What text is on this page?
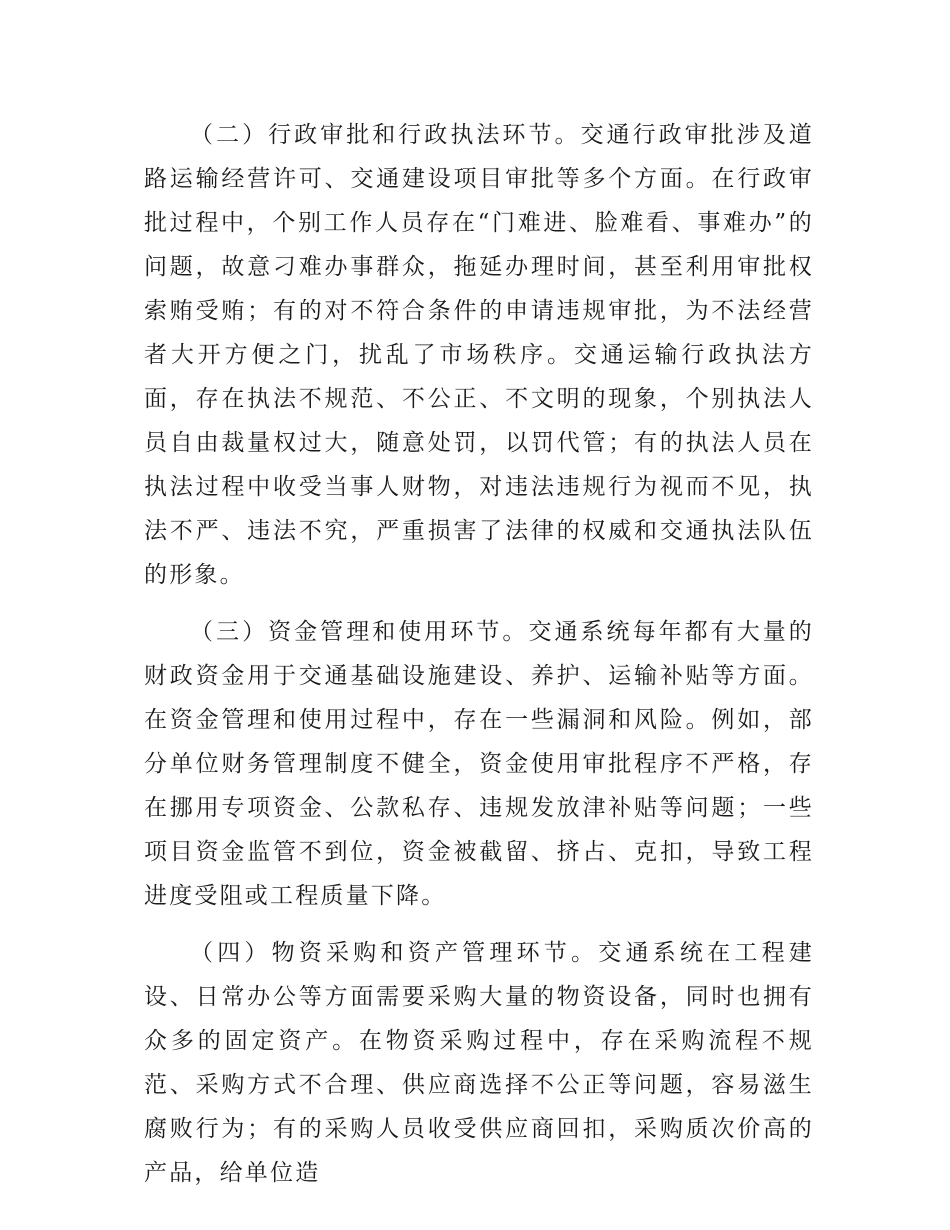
（二）行政审批和行政执法环节。交通行政审批涉及道路运输经营许可、交通建设项目审批等多个方面。在行政审批过程中，个别工作人员存在“门难进、脸难看、事难办”的问题，故意刁难办事群众，拖延办理时间，甚至利用审批权索贿受贿；有的对不符合条件的申请违规审批，为不法经营者大开方便之门，扰乱了市场秩序。交通运输行政执法方面，存在执法不规范、不公正、不文明的现象，个别执法人员自由裁量权过大，随意处罚，以罚代管；有的执法人员在执法过程中收受当事人财物，对违法违规行为视而不见，执法不严、违法不究，严重损害了法律的权威和交通执法队伍的形象。

（三）资金管理和使用环节。交通系统每年都有大量的财政资金用于交通基础设施建设、养护、运输补贴等方面。在资金管理和使用过程中，存在一些漏洞和风险。例如，部分单位财务管理制度不健全，资金使用审批程序不严格，存在挪用专项资金、公款私存、违规发放津补贴等问题；一些项目资金监管不到位，资金被截留、挤占、克扣，导致工程进度受阻或工程质量下降。

（四）物资采购和资产管理环节。交通系统在工程建设、日常办公等方面需要采购大量的物资设备，同时也拥有众多的固定资产。在物资采购过程中，存在采购流程不规范、采购方式不合理、供应商选择不公正等问题，容易滋生腐败行为；有的采购人员收受供应商回扣，采购质次价高的产品，给单位造
